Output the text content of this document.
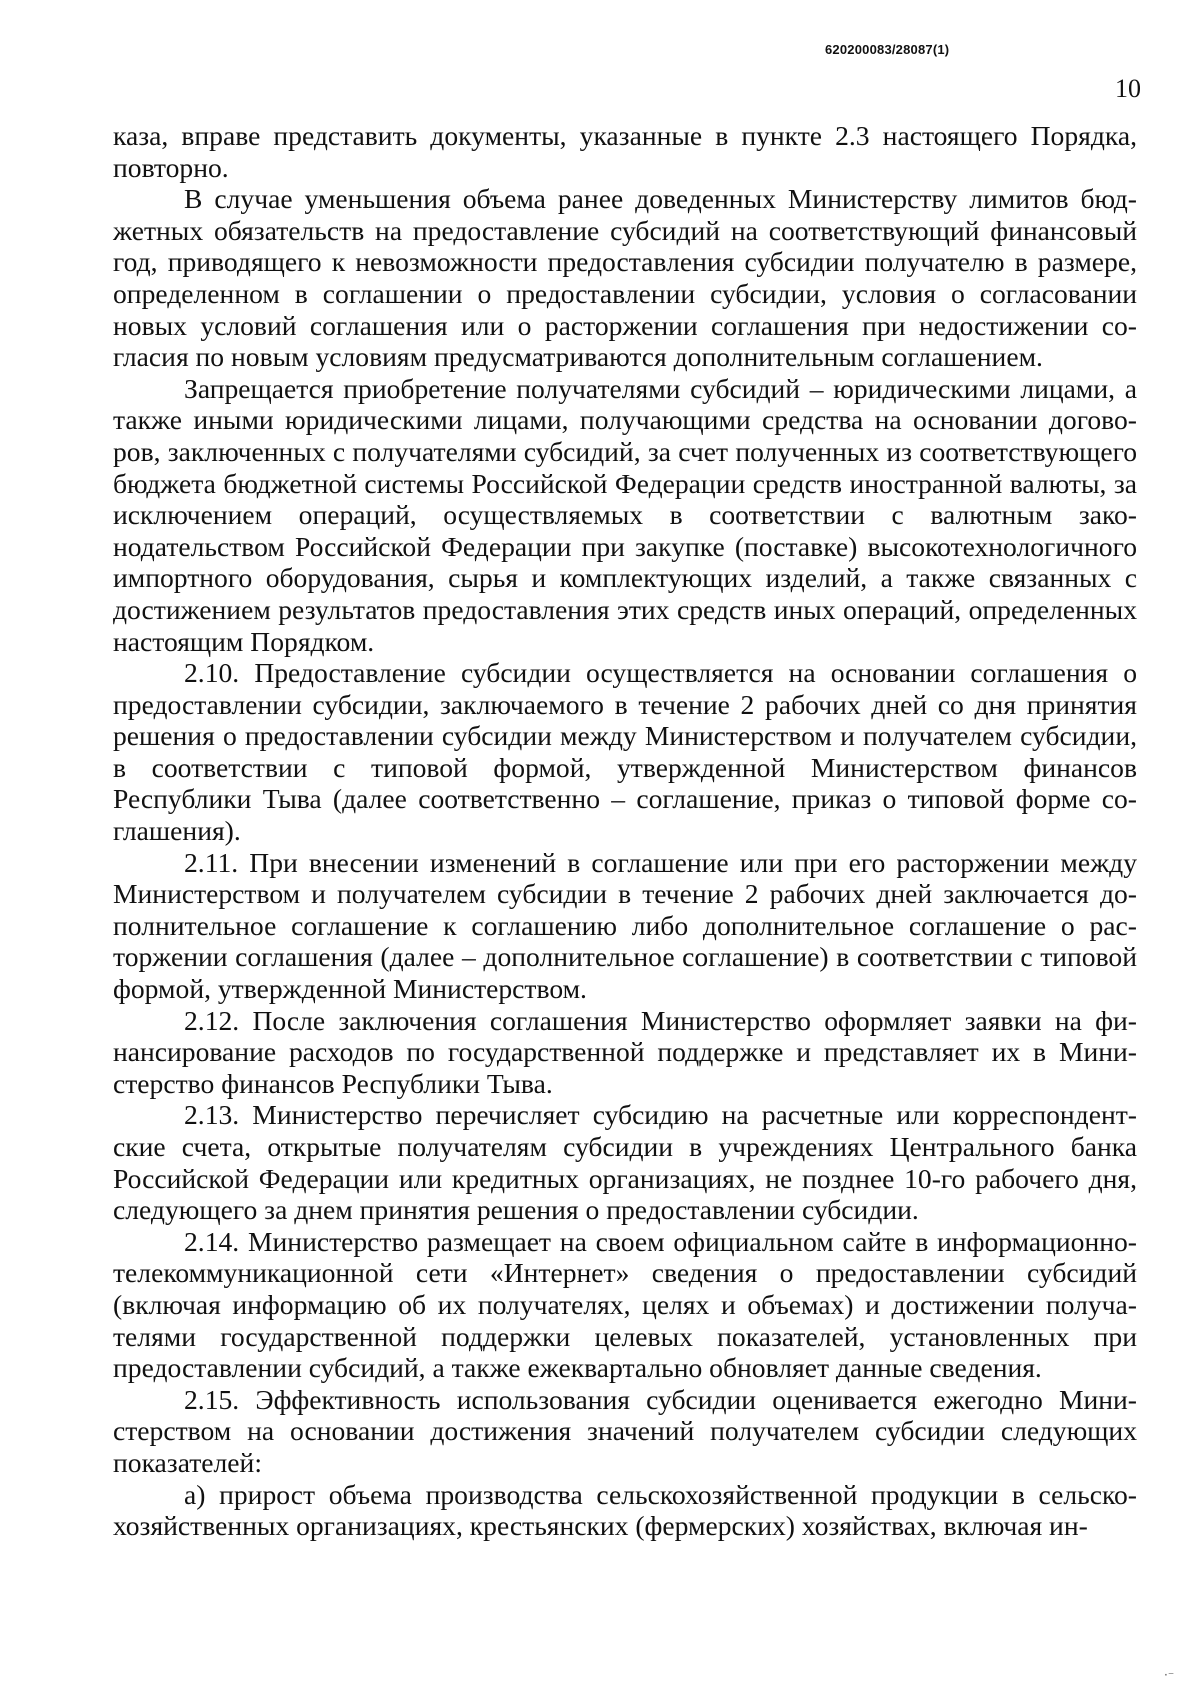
620200083/28087(1)
10

каза, вправе представить документы, указанные в пункте 2.3 настоящего Порядка, повторно.

В случае уменьшения объема ранее доведенных Министерству лимитов бюджетных обязательств на предоставление субсидий на соответствующий финансовый год, приводящего к невозможности предоставления субсидии получателю в размере, определенном в соглашении о предоставлении субсидии, условия о согласовании новых условий соглашения или о расторжении соглашения при недостижении согласия по новым условиям предусматриваются дополнительным соглашением.

Запрещается приобретение получателями субсидий – юридическими лицами, а также иными юридическими лицами, получающими средства на основании договоров, заключенных с получателями субсидий, за счет полученных из соответствующего бюджета бюджетной системы Российской Федерации средств иностранной валюты, за исключением операций, осуществляемых в соответствии с валютным законодательством Российской Федерации при закупке (поставке) высокотехнологичного импортного оборудования, сырья и комплектующих изделий, а также связанных с достижением результатов предоставления этих средств иных операций, определенных настоящим Порядком.

2.10. Предоставление субсидии осуществляется на основании соглашения о предоставлении субсидии, заключаемого в течение 2 рабочих дней со дня принятия решения о предоставлении субсидии между Министерством и получателем субсидии, в соответствии с типовой формой, утвержденной Министерством финансов Республики Тыва (далее соответственно – соглашение, приказ о типовой форме соглашения).

2.11. При внесении изменений в соглашение или при его расторжении между Министерством и получателем субсидии в течение 2 рабочих дней заключается дополнительное соглашение к соглашению либо дополнительное соглашение о расторжении соглашения (далее – дополнительное соглашение) в соответствии с типовой формой, утвержденной Министерством.

2.12. После заключения соглашения Министерство оформляет заявки на финансирование расходов по государственной поддержке и представляет их в Министерство финансов Республики Тыва.

2.13. Министерство перечисляет субсидию на расчетные или корреспондентские счета, открытые получателям субсидии в учреждениях Центрального банка Российской Федерации или кредитных организациях, не позднее 10-го рабочего дня, следующего за днем принятия решения о предоставлении субсидии.

2.14. Министерство размещает на своем официальном сайте в информационно-телекоммуникационной сети «Интернет» сведения о предоставлении субсидий (включая информацию об их получателях, целях и объемах) и достижении получателями государственной поддержки целевых показателей, установленных при предоставлении субсидий, а также ежеквартально обновляет данные сведения.

2.15. Эффективность использования субсидии оценивается ежегодно Министерством на основании достижения значений получателем субсидии следующих показателей:

а) прирост объема производства сельскохозяйственной продукции в сельскохозяйственных организациях, крестьянских (фермерских) хозяйствах, включая ин-

·⁻
